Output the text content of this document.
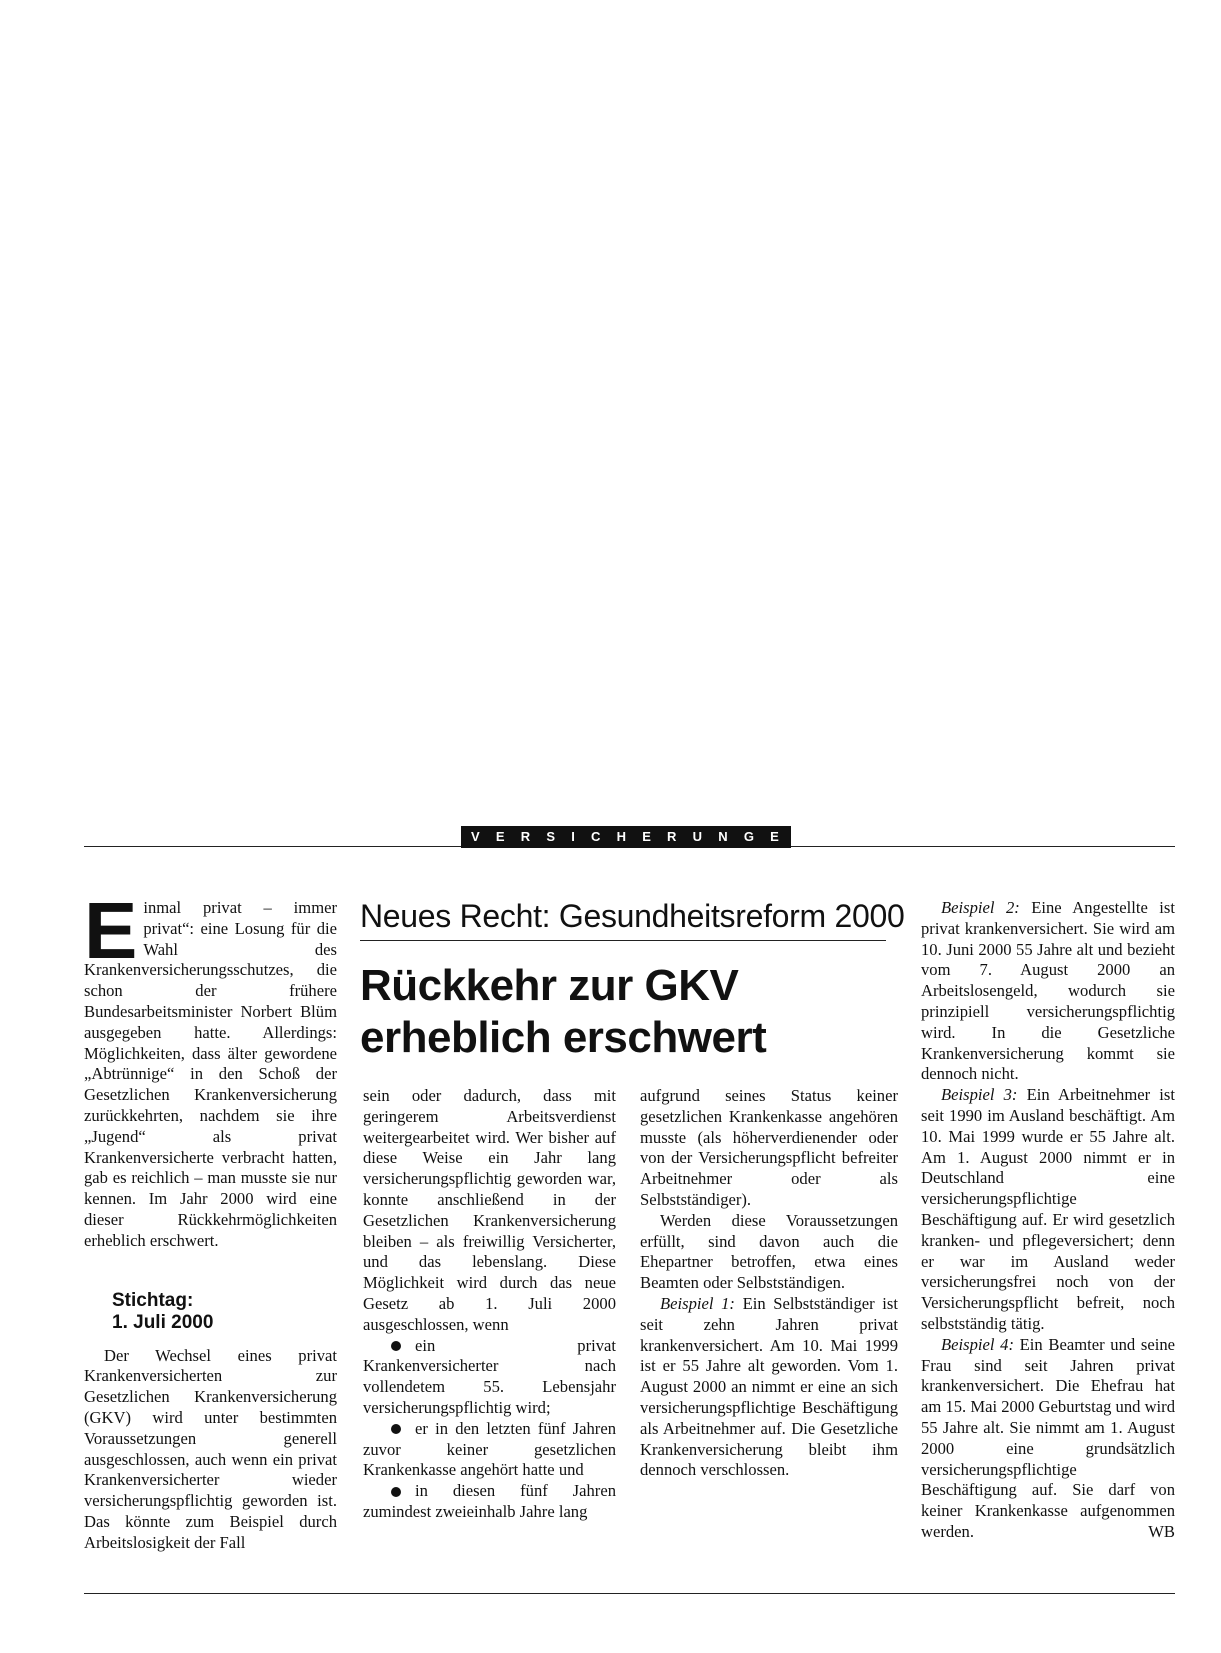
VERSICHERUNGEN
Neues Recht: Gesundheitsreform 2000
Rückkehr zur GKV
erheblich erschwert

Einmal privat – immer privat“: eine Losung für die Wahl des Krankenversicherungsschutzes, die schon der frühere Bundesarbeitsminister Norbert Blüm ausgegeben hatte. Allerdings: Möglichkeiten, dass älter gewordene „Abtrünnige“ in den Schoß der Gesetzlichen Krankenversicherung zurückkehrten, nachdem sie ihre „Jugend“ als privat Krankenversicherte verbracht hatten, gab es reichlich – man musste sie nur kennen. Im Jahr 2000 wird eine dieser Rückkehrmöglichkeiten erheblich erschwert.

Stichtag:
1. Juli 2000

Der Wechsel eines privat Krankenversicherten zur Gesetzlichen Krankenversicherung (GKV) wird unter bestimmten Voraussetzungen generell ausgeschlossen, auch wenn ein privat Krankenversicherter wieder versicherungspflichtig geworden ist. Das könnte zum Beispiel durch Arbeitslosigkeit der Fall

sein oder dadurch, dass mit geringerem Arbeitsverdienst weitergearbeitet wird. Wer bisher auf diese Weise ein Jahr lang versicherungspflichtig geworden war, konnte anschließend in der Gesetzlichen Krankenversicherung bleiben – als freiwillig Versicherter, und das lebenslang. Diese Möglichkeit wird durch das neue Gesetz ab 1. Juli 2000 ausgeschlossen, wenn

ein privat Krankenversicherter nach vollendetem 55. Lebensjahr versicherungspflichtig wird;

er in den letzten fünf Jahren zuvor keiner gesetzlichen Krankenkasse angehört hatte und

in diesen fünf Jahren zumindest zweieinhalb Jahre lang

aufgrund seines Status keiner gesetzlichen Krankenkasse angehören musste (als höherverdienender oder von der Versicherungspflicht befreiter Arbeitnehmer oder als Selbstständiger).

Werden diese Voraussetzungen erfüllt, sind davon auch die Ehepartner betroffen, etwa eines Beamten oder Selbstständigen.

Beispiel 1: Ein Selbstständiger ist seit zehn Jahren privat krankenversichert. Am 10. Mai 1999 ist er 55 Jahre alt geworden. Vom 1. August 2000 an nimmt er eine an sich versicherungspflichtige Beschäftigung als Arbeitnehmer auf. Die Gesetzliche Krankenversicherung bleibt ihm dennoch verschlossen.

Beispiel 2: Eine Angestellte ist privat krankenversichert. Sie wird am 10. Juni 2000 55 Jahre alt und bezieht vom 7. August 2000 an Arbeitslosengeld, wodurch sie prinzipiell versicherungspflichtig wird. In die Gesetzliche Krankenversicherung kommt sie dennoch nicht.

Beispiel 3: Ein Arbeitnehmer ist seit 1990 im Ausland beschäftigt. Am 10. Mai 1999 wurde er 55 Jahre alt. Am 1. August 2000 nimmt er in Deutschland eine versicherungspflichtige Beschäftigung auf. Er wird gesetzlich kranken- und pflegeversichert; denn er war im Ausland weder versicherungsfrei noch von der Versicherungspflicht befreit, noch selbstständig tätig.

Beispiel 4: Ein Beamter und seine Frau sind seit Jahren privat krankenversichert. Die Ehefrau hat am 15. Mai 2000 Geburtstag und wird 55 Jahre alt. Sie nimmt am 1. August 2000 eine grundsätzlich versicherungspflichtige Beschäftigung auf. Sie darf von keiner Krankenkasse aufgenommen werden.	WB
